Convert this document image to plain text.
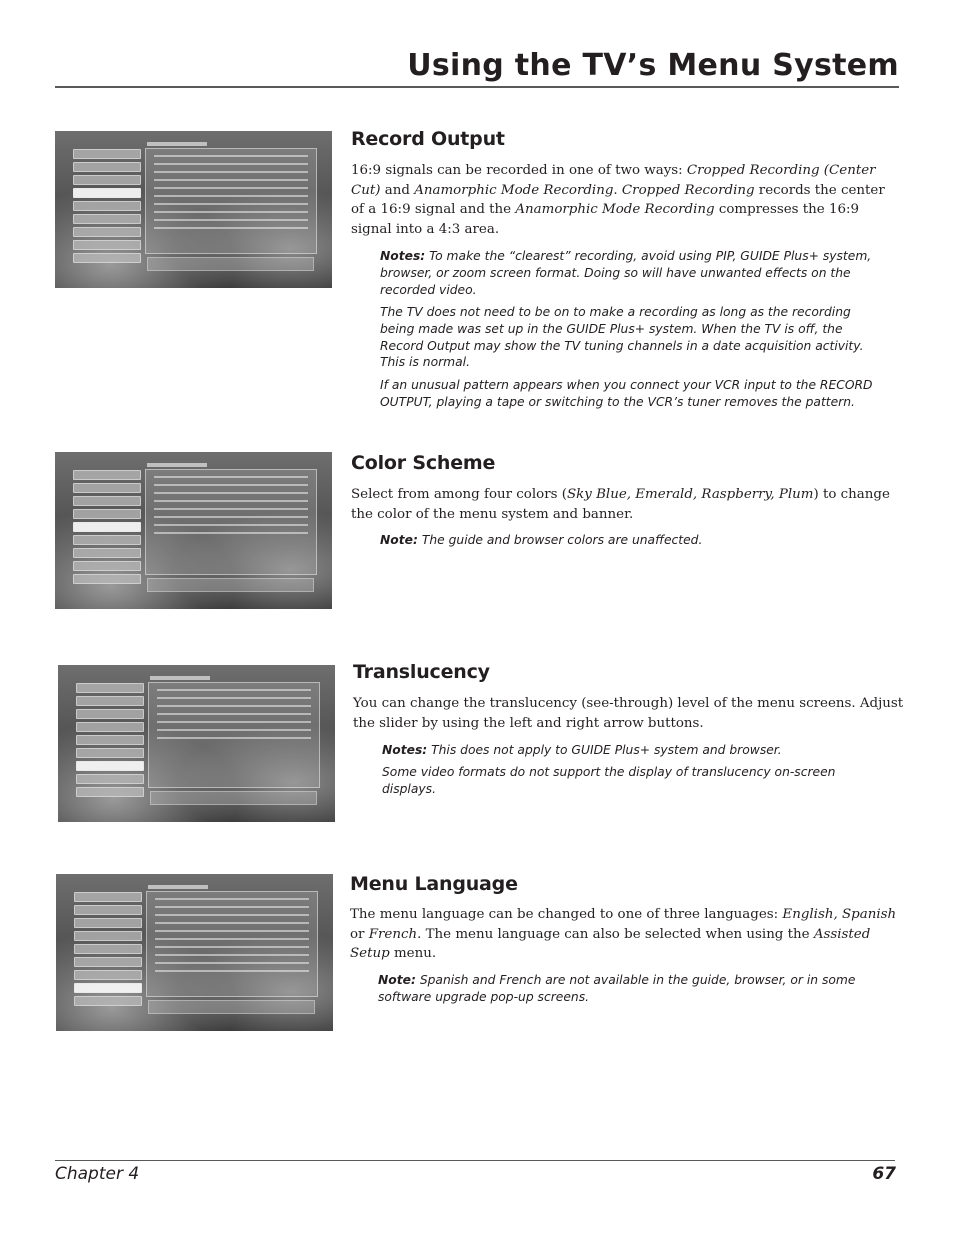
Using the TV’s Menu System
Record Output

16:9 signals can be recorded in one of two ways: Cropped Recording (Center Cut) and Anamorphic Mode Recording. Cropped Recording records the center of a 16:9 signal and the Anamorphic Mode Recording compresses the 16:9 signal into a 4:3 area.

Notes: To make the “clearest” recording, avoid using PIP, GUIDE Plus+ system, browser, or zoom screen format. Doing so will have unwanted effects on the recorded video.

The TV does not need to be on to make a recording as long as the recording being made was set up in the GUIDE Plus+ system. When the TV is off, the Record Output may show the TV tuning channels in a date acquisition activity. This is normal.

If an unusual pattern appears when you connect your VCR input to the RECORD OUTPUT, playing a tape or switching to the VCR’s tuner removes the pattern.

Color Scheme

Select from among four colors (Sky Blue, Emerald, Raspberry, Plum) to change the color of the menu system and banner.

Note: The guide and browser colors are unaffected.

Translucency

You can change the translucency (see-through) level of the menu screens. Adjust the slider by using the left and right arrow buttons.

Notes: This does not apply to GUIDE Plus+ system and browser.

Some video formats do not support the display of translucency on-screen displays.

Menu Language

The menu language can be changed to one of three languages: English, Spanish or French. The menu language can also be selected when using the Assisted Setup menu.

Note: Spanish and French are not available in the guide, browser, or in some software upgrade pop-up screens.

Chapter 4	67
